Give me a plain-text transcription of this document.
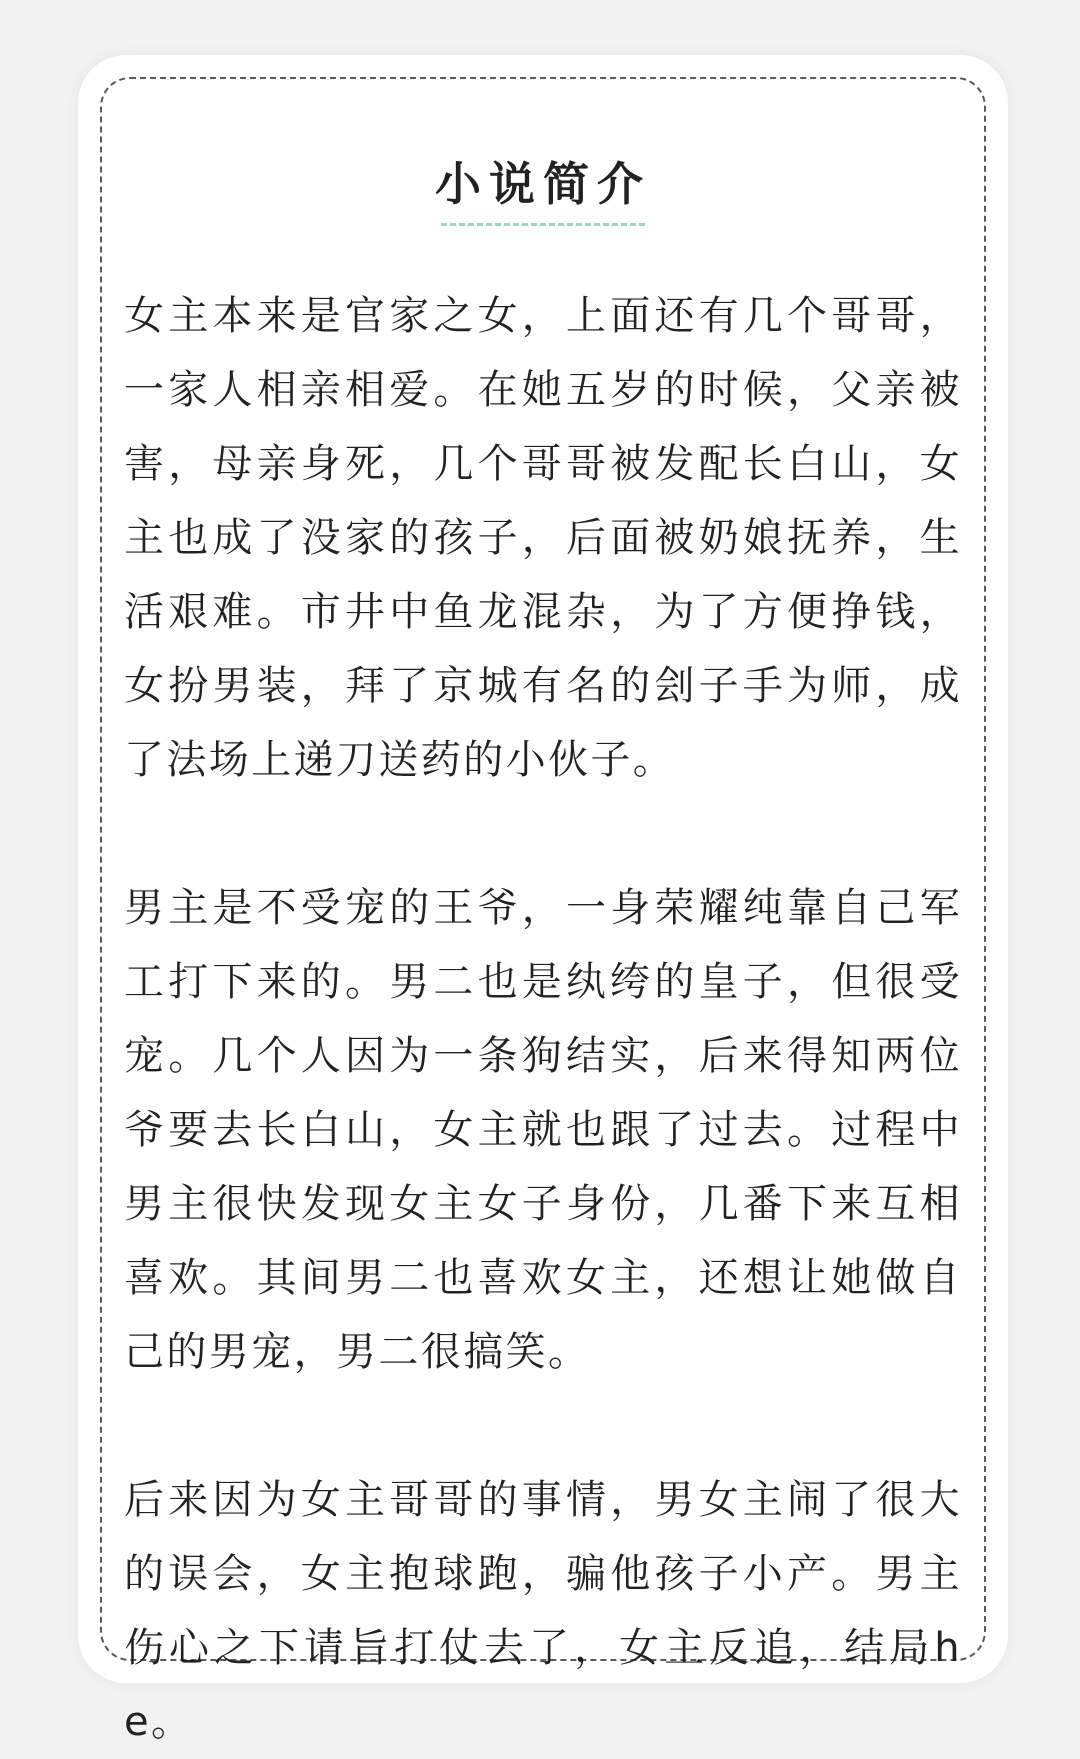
小说简介

女主本来是官家之女，上面还有几个哥哥，一家人相亲相爱。在她五岁的时候，父亲被害，母亲身死，几个哥哥被发配长白山，女主也成了没家的孩子，后面被奶娘抚养，生活艰难。市井中鱼龙混杂，为了方便挣钱，女扮男装，拜了京城有名的刽子手为师，成了法场上递刀送药的小伙子。

男主是不受宠的王爷，一身荣耀纯靠自己军工打下来的。男二也是纨绔的皇子，但很受宠。几个人因为一条狗结实，后来得知两位爷要去长白山，女主就也跟了过去。过程中男主很快发现女主女子身份，几番下来互相喜欢。其间男二也喜欢女主，还想让她做自己的男宠，男二很搞笑。

后来因为女主哥哥的事情，男女主闹了很大的误会，女主抱球跑，骗他孩子小产。男主伤心之下请旨打仗去了，女主反追，结局he。
